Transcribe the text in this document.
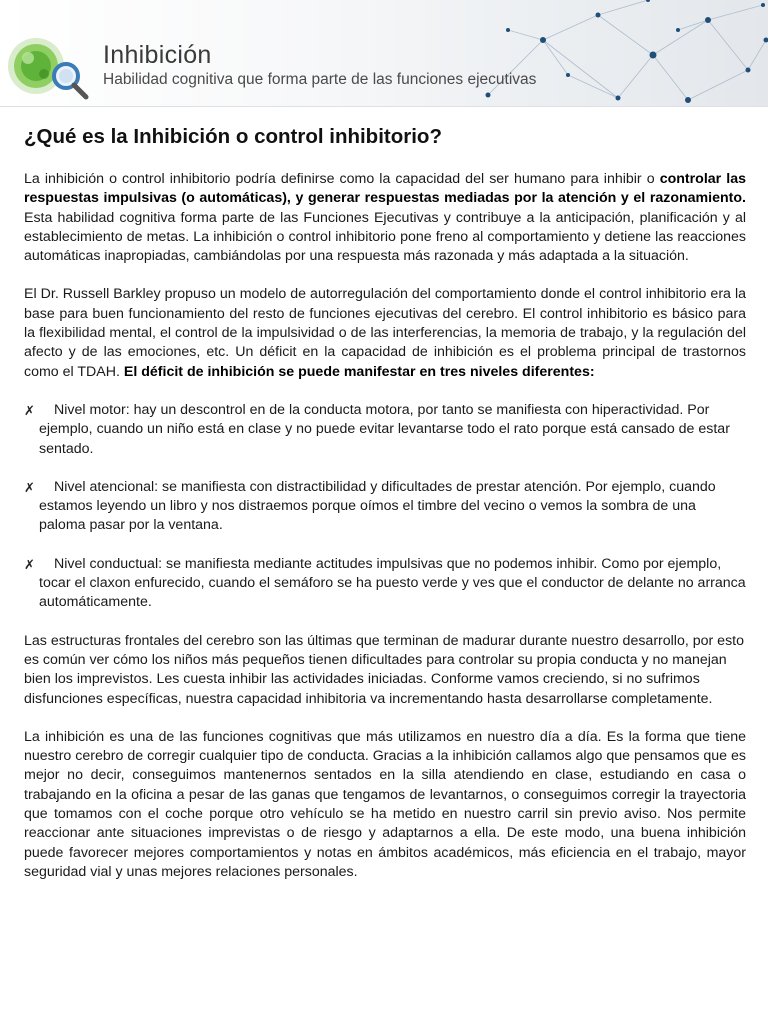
Inhibición
Habilidad cognitiva que forma parte de las funciones ejecutivas
¿Qué es la Inhibición o control inhibitorio?

La inhibición o control inhibitorio podría definirse como la capacidad del ser humano para inhibir o controlar las respuestas impulsivas (o automáticas), y generar respuestas mediadas por la atención y el razonamiento. Esta habilidad cognitiva forma parte de las Funciones Ejecutivas y contribuye a la anticipación, planificación y al establecimiento de metas. La inhibición o control inhibitorio pone freno al comportamiento y detiene las reacciones automáticas inapropiadas, cambiándolas por una respuesta más razonada y más adaptada a la situación.

El Dr. Russell Barkley propuso un modelo de autorregulación del comportamiento donde el control inhibitorio era la base para buen funcionamiento del resto de funciones ejecutivas del cerebro. El control inhibitorio es básico para la flexibilidad mental, el control de la impulsividad o de las interferencias, la memoria de trabajo, y la regulación del afecto y de las emociones, etc. Un déficit en la capacidad de inhibición es el problema principal de trastornos como el TDAH. El déficit de inhibición se puede manifestar en tres niveles diferentes:

✗ Nivel motor: hay un descontrol en de la conducta motora, por tanto se manifiesta con hiperactividad. Por ejemplo, cuando un niño está en clase y no puede evitar levantarse todo el rato porque está cansado de estar sentado.
✗ Nivel atencional: se manifiesta con distractibilidad y dificultades de prestar atención. Por ejemplo, cuando estamos leyendo un libro y nos distraemos porque oímos el timbre del vecino o vemos la sombra de una paloma pasar por la ventana.
✗ Nivel conductual: se manifiesta mediante actitudes impulsivas que no podemos inhibir. Como por ejemplo, tocar el claxon enfurecido, cuando el semáforo se ha puesto verde y ves que el conductor de delante no arranca automáticamente.

Las estructuras frontales del cerebro son las últimas que terminan de madurar durante nuestro desarrollo, por esto es común ver cómo los niños más pequeños tienen dificultades para controlar su propia conducta y no manejan bien los imprevistos. Les cuesta inhibir las actividades iniciadas. Conforme vamos creciendo, si no sufrimos disfunciones específicas, nuestra capacidad inhibitoria va incrementando hasta desarrollarse completamente.

La inhibición es una de las funciones cognitivas que más utilizamos en nuestro día a día. Es la forma que tiene nuestro cerebro de corregir cualquier tipo de conducta. Gracias a la inhibición callamos algo que pensamos que es mejor no decir, conseguimos mantenernos sentados en la silla atendiendo en clase, estudiando en casa o trabajando en la oficina a pesar de las ganas que tengamos de levantarnos, o conseguimos corregir la trayectoria que tomamos con el coche porque otro vehículo se ha metido en nuestro carril sin previo aviso. Nos permite reaccionar ante situaciones imprevistas o de riesgo y adaptarnos a ella. De este modo, una buena inhibición puede favorecer mejores comportamientos y notas en ámbitos académicos, más eficiencia en el trabajo, mayor seguridad vial y unas mejores relaciones personales.
